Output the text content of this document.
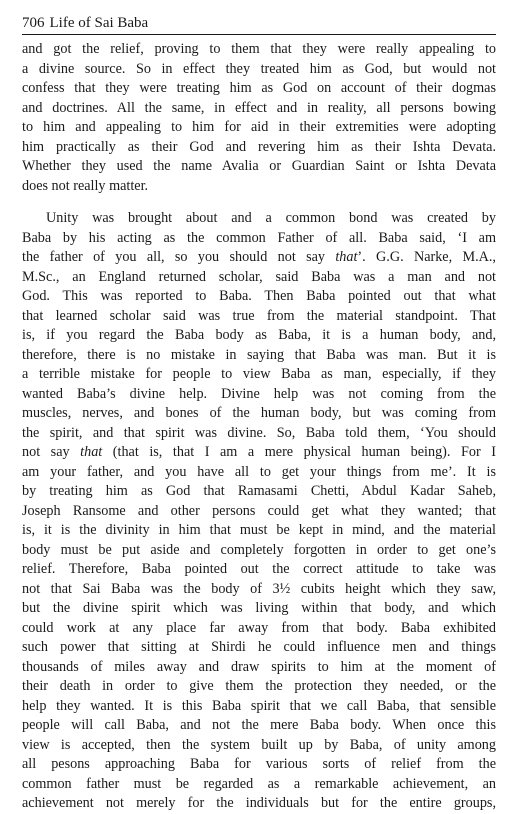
706 Life of Sai Baba

and got the relief, proving to them that they were really appealing to

a divine source. So in effect they treated him as God, but would not

confess that they were treating him as God on account of their dogmas

and doctrines. All the same, in effect and in reality, all persons bowing

to him and appealing to him for aid in their extremities were adopting

him practically as their God and revering him as their Ishta Devata.

Whether they used the name Avalia or Guardian Saint or Ishta Devata

does not really matter.

Unity was brought about and a common bond was created by

Baba by his acting as the common Father of all. Baba said, ‘I am

the father of you all, so you should not say that’. G.G. Narke, M.A.,

M.Sc., an England returned scholar, said Baba was a man and not

God. This was reported to Baba. Then Baba pointed out that what

that learned scholar said was true from the material standpoint. That

is, if you regard the Baba body as Baba, it is a human body, and,

therefore, there is no mistake in saying that Baba was man. But it is

a terrible mistake for people to view Baba as man, especially, if they

wanted Baba’s divine help. Divine help was not coming from the

muscles, nerves, and bones of the human body, but was coming from

the spirit, and that spirit was divine. So, Baba told them, ‘You should

not say that (that is, that I am a mere physical human being). For I

am your father, and you have all to get your things from me’. It is

by treating him as God that Ramasami Chetti, Abdul Kadar Saheb,

Joseph Ransome and other persons could get what they wanted; that

is, it is the divinity in him that must be kept in mind, and the material

body must be put aside and completely forgotten in order to get one’s

relief. Therefore, Baba pointed out the correct attitude to take was

not that Sai Baba was the body of 3½ cubits height which they saw,

but the divine spirit which was living within that body, and which

could work at any place far away from that body. Baba exhibited

such power that sitting at Shirdi he could influence men and things

thousands of miles away and draw spirits to him at the moment of

their death in order to give them the protection they needed, or the

help they wanted. It is this Baba spirit that we call Baba, that sensible

people will call Baba, and not the mere Baba body. When once this

view is accepted, then the system built up by Baba, of unity among

all pesons approaching Baba for various sorts of relief from the

common father must be regarded as a remarkable achievement, an

achievement not merely for the individuals but for the entire groups,
